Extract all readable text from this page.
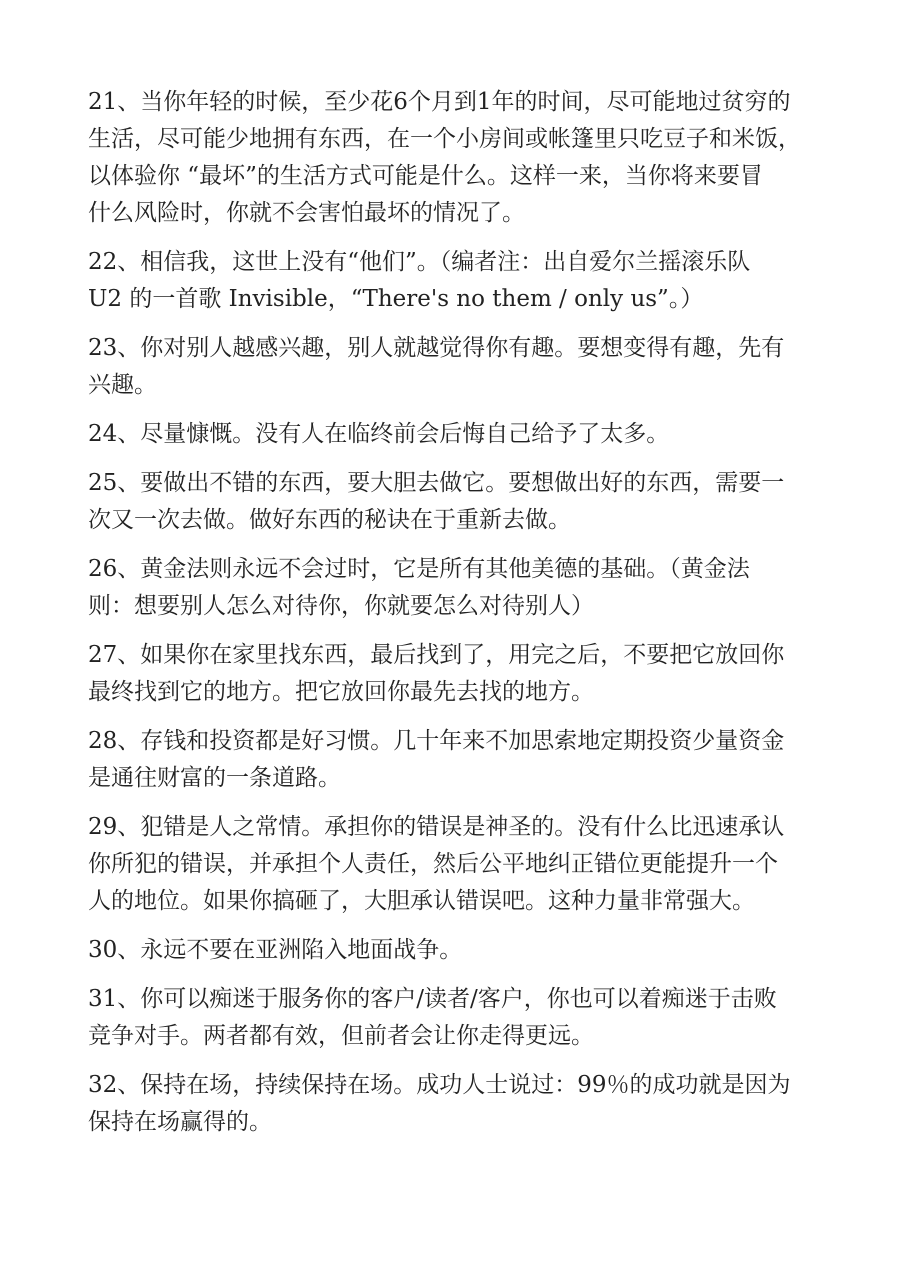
21、当你年轻的时候，至少花6个月到1年的时间，尽可能地过贫穷的
生活，尽可能少地拥有东西，在一个小房间或帐篷里只吃豆子和米饭，
以体验你 “最坏”的生活方式可能是什么。这样一来，当你将来要冒
什么风险时，你就不会害怕最坏的情况了。
22、相信我，这世上没有“他们”。（编者注：出自爱尔兰摇滚乐队
U2 的一首歌 Invisible，“There's no them / only us”。）
23、你对别人越感兴趣，别人就越觉得你有趣。要想变得有趣，先有
兴趣。
24、尽量慷慨。没有人在临终前会后悔自己给予了太多。
25、要做出不错的东西，要大胆去做它。要想做出好的东西，需要一
次又一次去做。做好东西的秘诀在于重新去做。
26、黄金法则永远不会过时，它是所有其他美德的基础。（黄金法
则：想要别人怎么对待你，你就要怎么对待别人）
27、如果你在家里找东西，最后找到了，用完之后，不要把它放回你
最终找到它的地方。把它放回你最先去找的地方。
28、存钱和投资都是好习惯。几十年来不加思索地定期投资少量资金
是通往财富的一条道路。
29、犯错是人之常情。承担你的错误是神圣的。没有什么比迅速承认
你所犯的错误，并承担个人责任，然后公平地纠正错位更能提升一个
人的地位。如果你搞砸了，大胆承认错误吧。这种力量非常强大。
30、永远不要在亚洲陷入地面战争。
31、你可以痴迷于服务你的客户/读者/客户，你也可以着痴迷于击败
竞争对手。两者都有效，但前者会让你走得更远。
32、保持在场，持续保持在场。成功人士说过：99％的成功就是因为
保持在场赢得的。
